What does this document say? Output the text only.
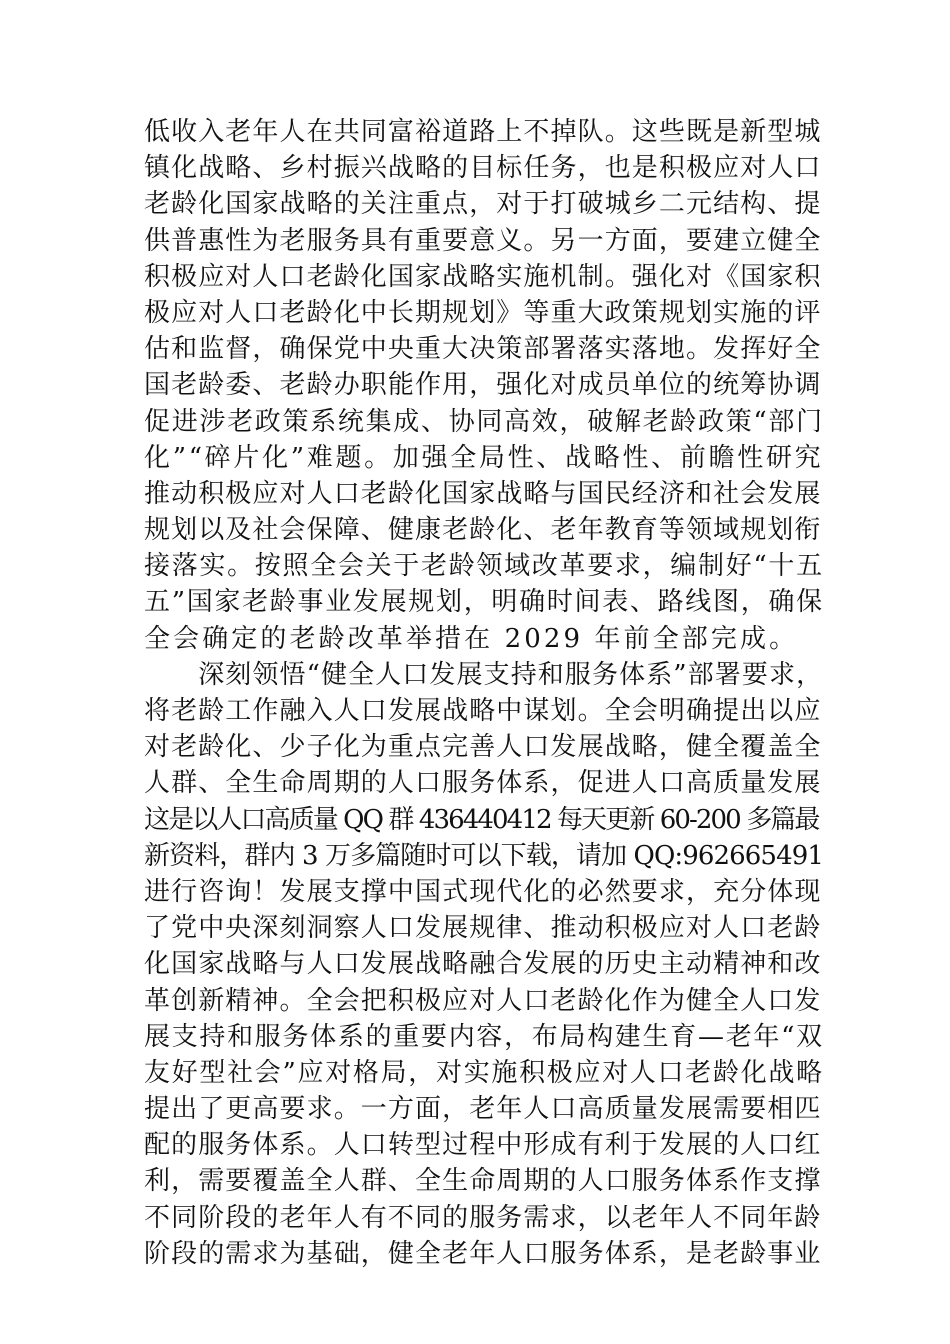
低收入老年人在共同富裕道路上不掉队。这些既是新型城
镇化战略、乡村振兴战略的目标任务，也是积极应对人口
老龄化国家战略的关注重点，对于打破城乡二元结构、提
供普惠性为老服务具有重要意义。另一方面，要建立健全
积极应对人口老龄化国家战略实施机制。强化对《国家积
极应对人口老龄化中长期规划》等重大政策规划实施的评
估和监督，确保党中央重大决策部署落实落地。发挥好全
国老龄委、老龄办职能作用，强化对成员单位的统筹协调
促进涉老政策系统集成、协同高效，破解老龄政策“部门
化”“碎片化”难题。加强全局性、战略性、前瞻性研究
推动积极应对人口老龄化国家战略与国民经济和社会发展
规划以及社会保障、健康老龄化、老年教育等领域规划衔
接落实。按照全会关于老龄领域改革要求，编制好“十五
五”国家老龄事业发展规划，明确时间表、路线图，确保
全会确定的老龄改革举措在 2029 年前全部完成。
　　深刻领悟“健全人口发展支持和服务体系”部署要求，
将老龄工作融入人口发展战略中谋划。全会明确提出以应
对老龄化、少子化为重点完善人口发展战略，健全覆盖全
人群、全生命周期的人口服务体系，促进人口高质量发展
这是以人口高质量 QQ 群 436440412 每天更新 60-200 多篇最
新资料，群内 3 万多篇随时可以下载，请加 QQ:962665491
进行咨询！发展支撑中国式现代化的必然要求，充分体现
了党中央深刻洞察人口发展规律、推动积极应对人口老龄
化国家战略与人口发展战略融合发展的历史主动精神和改
革创新精神。全会把积极应对人口老龄化作为健全人口发
展支持和服务体系的重要内容，布局构建生育—老年“双
友好型社会”应对格局，对实施积极应对人口老龄化战略
提出了更高要求。一方面，老年人口高质量发展需要相匹
配的服务体系。人口转型过程中形成有利于发展的人口红
利，需要覆盖全人群、全生命周期的人口服务体系作支撑
不同阶段的老年人有不同的服务需求，以老年人不同年龄
阶段的需求为基础，健全老年人口服务体系，是老龄事业
